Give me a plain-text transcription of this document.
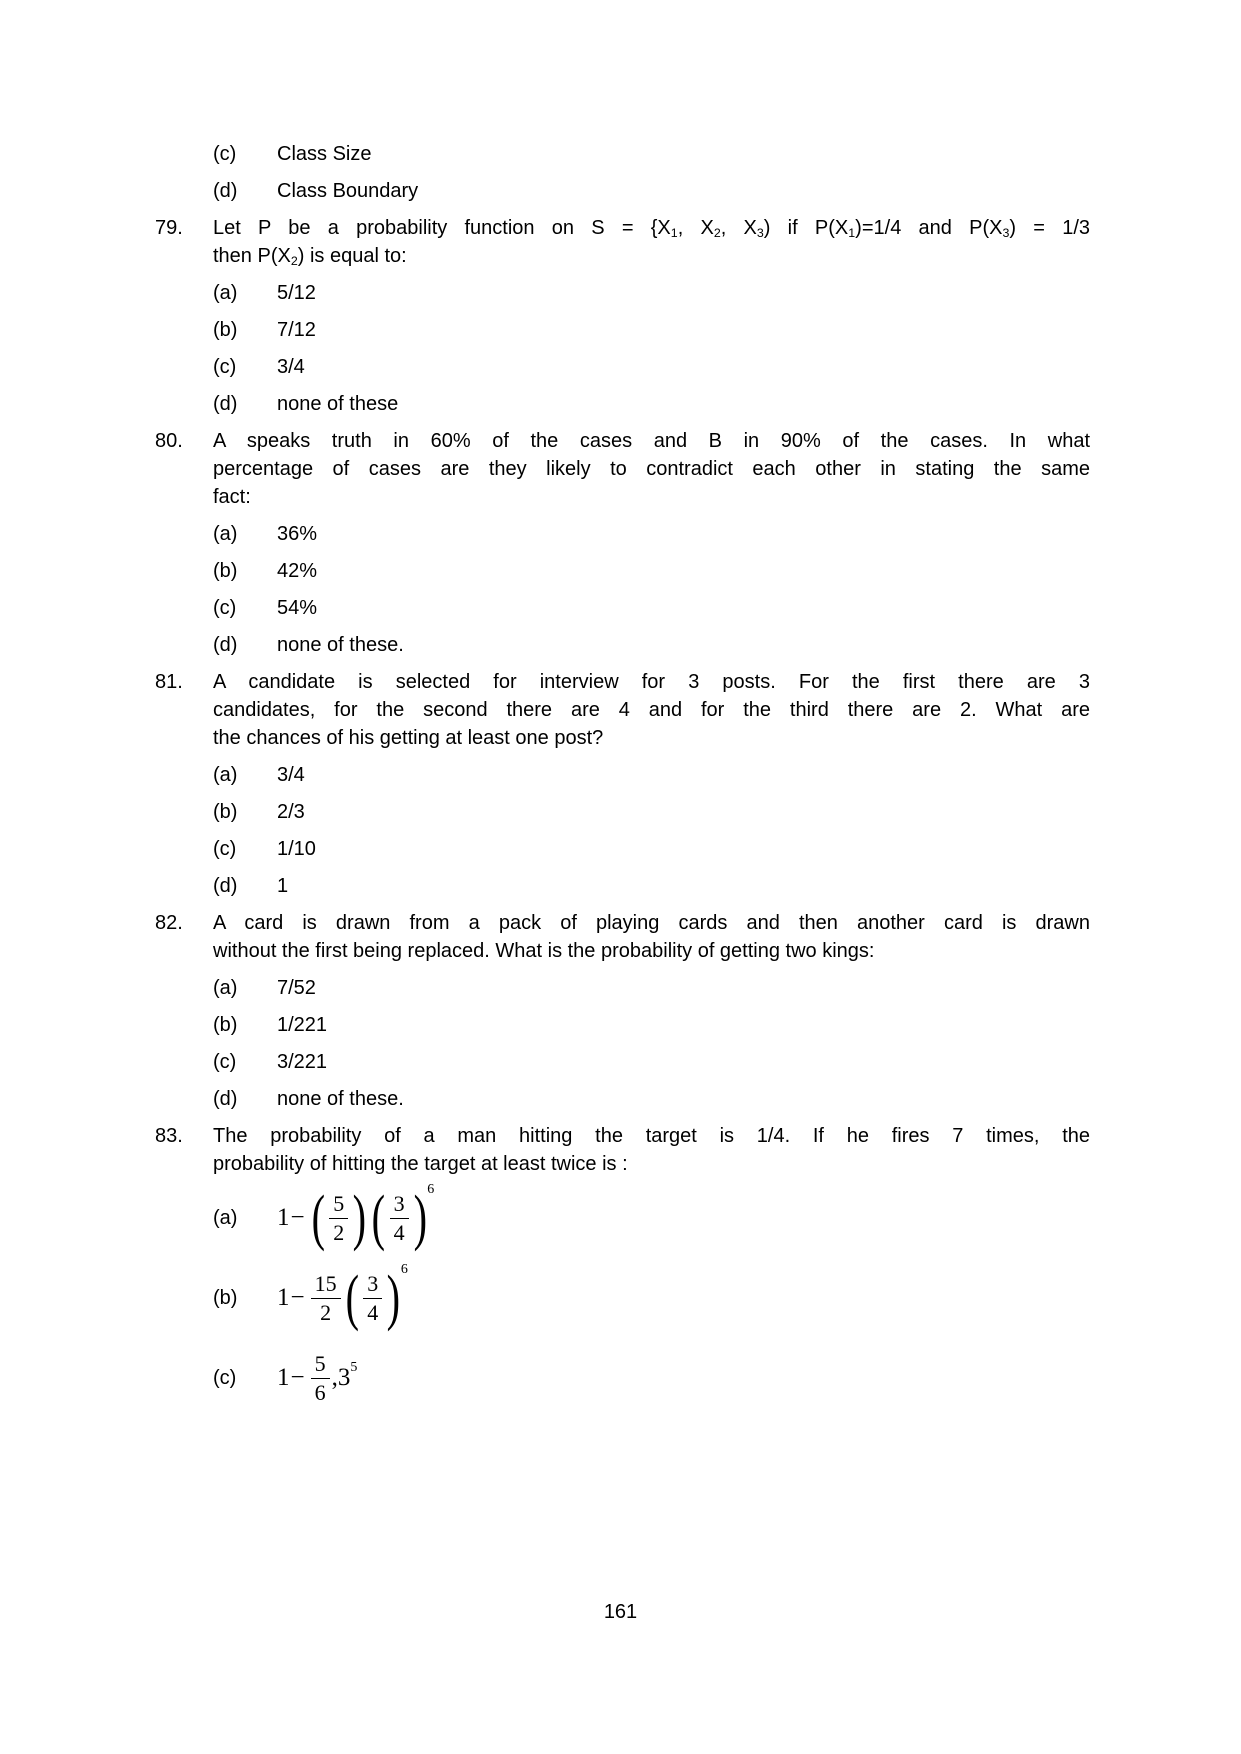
(c)	Class Size
(d)	Class Boundary
79.	Let P be a probability function on $S = \{X_1$, $X_2$, $X_3$) if $P(X_1)=1/4$ and $P(X_3) = 1/3$
then $P(X_2)$ is equal to:
(a)	5/12
(b)	7/12
(c)	3/4
(d)	none of these
80.	A speaks truth in 60% of the cases and B in 90% of the cases. In what
percentage of cases are they likely to contradict each other in stating the same
fact:
(a)	36%
(b)	42%
(c)	54%
(d)	none of these.
81.	A candidate is selected for interview for 3 posts. For the first there are 3
candidates, for the second there are 4 and for the third there are 2. What are
the chances of his getting at least one post?
(a)	3/4
(b)	2/3
(c)	1/10
(d)	1
82.	A card is drawn from a pack of playing cards and then another card is drawn
without the first being replaced. What is the probability of getting two kings:
(a)	7/52
(b)	1/221
(c)	3/221
(d)	none of these.
83.	The probability of a man hitting the target is 1/4. If he fires 7 times, the
probability of hitting the target at least twice is :
(a)	1− ( $\frac{5}{2}$ ) ( $\frac{3}{4}$ ) 6
(b)	$1- \frac{15}{2}$ ( $\frac{3}{4}$ ) 6
(c)	$1- \frac{5}{6} ,3$ 5
161
